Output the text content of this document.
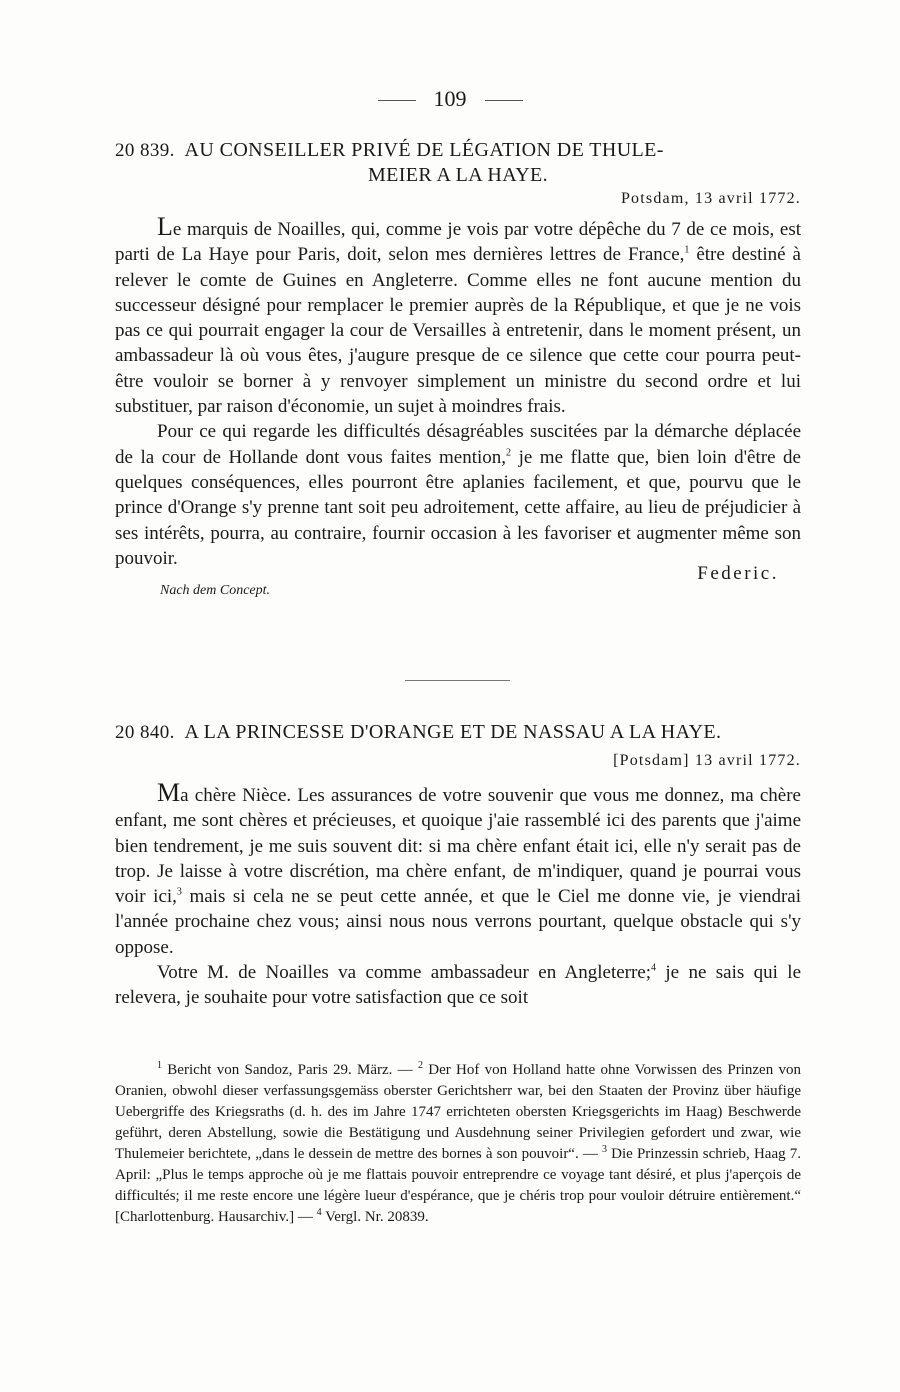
109
20 839. AU CONSEILLER PRIVÉ DE LÉGATION DE THULE-
MEIER A LA HAYE.
Potsdam, 13 avril 1772.

Le marquis de Noailles, qui, comme je vois par votre dépêche du 7 de ce mois, est parti de La Haye pour Paris, doit, selon mes dernières lettres de France,$^1$ être destiné à relever le comte de Guines en Angleterre. Comme elles ne font aucune mention du successeur désigné pour remplacer le premier auprès de la République, et que je ne vois pas ce qui pourrait engager la cour de Versailles à entretenir, dans le moment présent, un ambassadeur là où vous êtes, j'augure presque de ce silence que cette cour pourra peut-être vouloir se borner à y renvoyer simplement un ministre du second ordre et lui substituer, par raison d'économie, un sujet à moindres frais.

Pour ce qui regarde les difficultés désagréables suscitées par la démarche déplacée de la cour de Hollande dont vous faites mention,$^2$ je me flatte que, bien loin d'être de quelques conséquences, elles pourront être aplanies facilement, et que, pourvu que le prince d'Orange s'y prenne tant soit peu adroitement, cette affaire, au lieu de préjudicier à ses intérêts, pourra, au contraire, fournir occasion à les favoriser et augmenter même son pouvoir.

Federic.
Nach dem Concept.
20 840. A LA PRINCESSE D'ORANGE ET DE NASSAU A LA HAYE.
[Potsdam] 13 avril 1772.

Ma chère Nièce. Les assurances de votre souvenir que vous me donnez, ma chère enfant, me sont chères et précieuses, et quoique j'aie rassemblé ici des parents que j'aime bien tendrement, je me suis souvent dit: si ma chère enfant était ici, elle n'y serait pas de trop. Je laisse à votre discrétion, ma chère enfant, de m'indiquer, quand je pourrai vous voir ici,$^3$ mais si cela ne se peut cette année, et que le Ciel me donne vie, je viendrai l'année prochaine chez vous; ainsi nous nous verrons pourtant, quelque obstacle qui s'y oppose.

Votre M. de Noailles va comme ambassadeur en Angleterre;$^4$ je ne sais qui le relevera, je souhaite pour votre satisfaction que ce soit

$^1$ Bericht von Sandoz, Paris 29. März. — $^2$ Der Hof von Holland hatte ohne Vorwissen des Prinzen von Oranien, obwohl dieser verfassungsgemäss oberster Gerichtsherr war, bei den Staaten der Provinz über häufige Uebergriffe des Kriegsraths (d. h. des im Jahre 1747 errichteten obersten Kriegsgerichts im Haag) Beschwerde geführt, deren Abstellung, sowie die Bestätigung und Ausdehnung seiner Privilegien gefordert und zwar, wie Thulemeier berichtete, „dans le dessein de mettre des bornes à son pouvoir“. — $^3$ Die Prinzessin schrieb, Haag 7. April: „Plus le temps approche où je me flattais pouvoir entreprendre ce voyage tant désiré, et plus j'aperçois de difficultés; il me reste encore une légère lueur d'espérance, que je chéris trop pour vouloir détruire entièrement.“ [Charlottenburg. Hausarchiv.] — $^4$ Vergl. Nr. 20839.
